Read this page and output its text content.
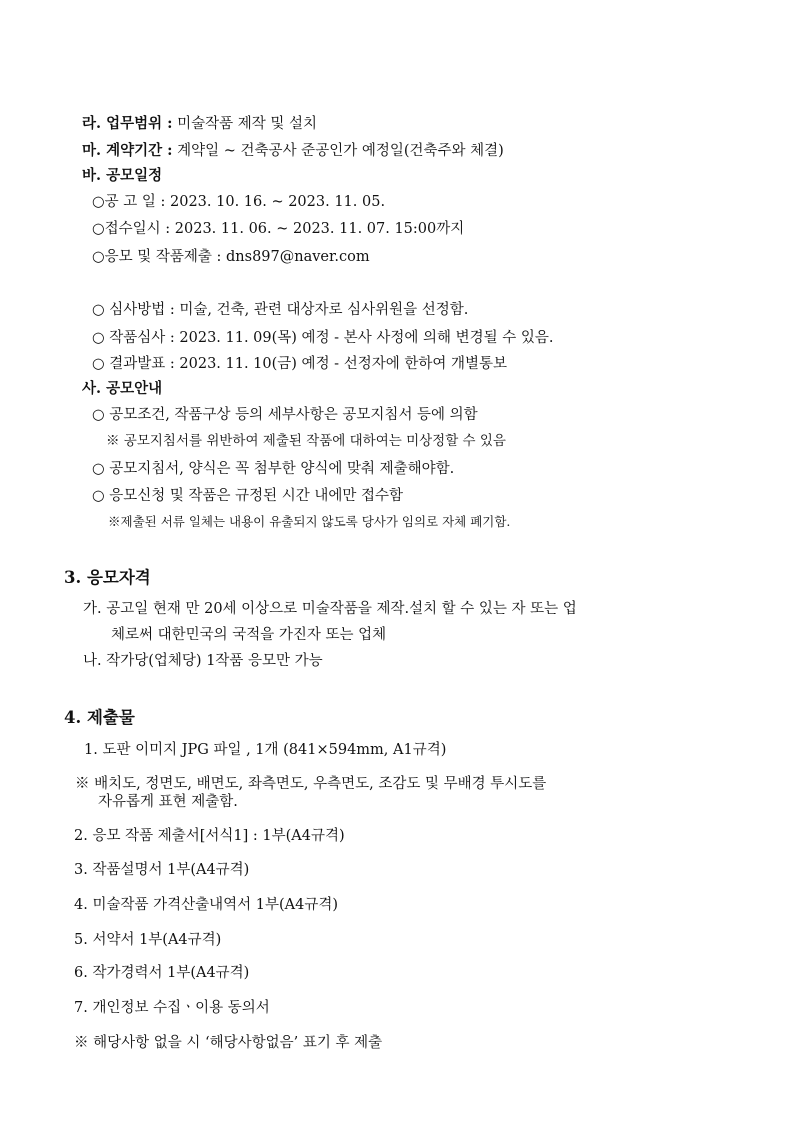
라. 업무범위 : 미술작품 제작 및 설치
마. 계약기간 : 계약일 ~ 건축공사 준공인가 예정일(건축주와 체결)
바. 공모일정
○공 고 일 : 2023. 10. 16. ~ 2023. 11. 05.
○접수일시 : 2023. 11. 06. ~ 2023. 11. 07. 15:00까지
○응모 및 작품제출 : dns897@naver.com
○ 심사방법 : 미술, 건축, 관련 대상자로 심사위원을 선정함.
○ 작품심사 : 2023. 11. 09(목) 예정 - 본사 사정에 의해 변경될 수 있음.
○ 결과발표 : 2023. 11. 10(금) 예정 - 선정자에 한하여 개별통보
사. 공모안내
○ 공모조건, 작품구상 등의 세부사항은 공모지침서 등에 의함
※ 공모지침서를 위반하여 제출된 작품에 대하여는 미상정할 수 있음
○ 공모지침서, 양식은 꼭 첨부한 양식에 맞춰 제출해야함.
○ 응모신청 및 작품은 규정된 시간 내에만 접수함
※제출된 서류 일체는 내용이 유출되지 않도록 당사가 임의로 자체 폐기함.
3. 응모자격
가. 공고일 현재 만 20세 이상으로 미술작품을 제작.설치 할 수 있는 자 또는 업
체로써 대한민국의 국적을 가진자 또는 업체
나. 작가당(업체당) 1작품 응모만 가능
4. 제출물
1. 도판 이미지 JPG 파일 , 1개 (841×594mm, A1규격)
※ 배치도, 정면도, 배면도, 좌측면도, 우측면도, 조감도 및 무배경 투시도를
자유롭게 표현 제출함.
2. 응모 작품 제출서[서식1] : 1부(A4규격)
3. 작품설명서 1부(A4규격)
4. 미술작품 가격산출내역서 1부(A4규격)
5. 서약서 1부(A4규격)
6. 작가경력서 1부(A4규격)
7. 개인정보 수집ㆍ이용 동의서
※ 해당사항 없을 시 ‘해당사항없음’ 표기 후 제출
